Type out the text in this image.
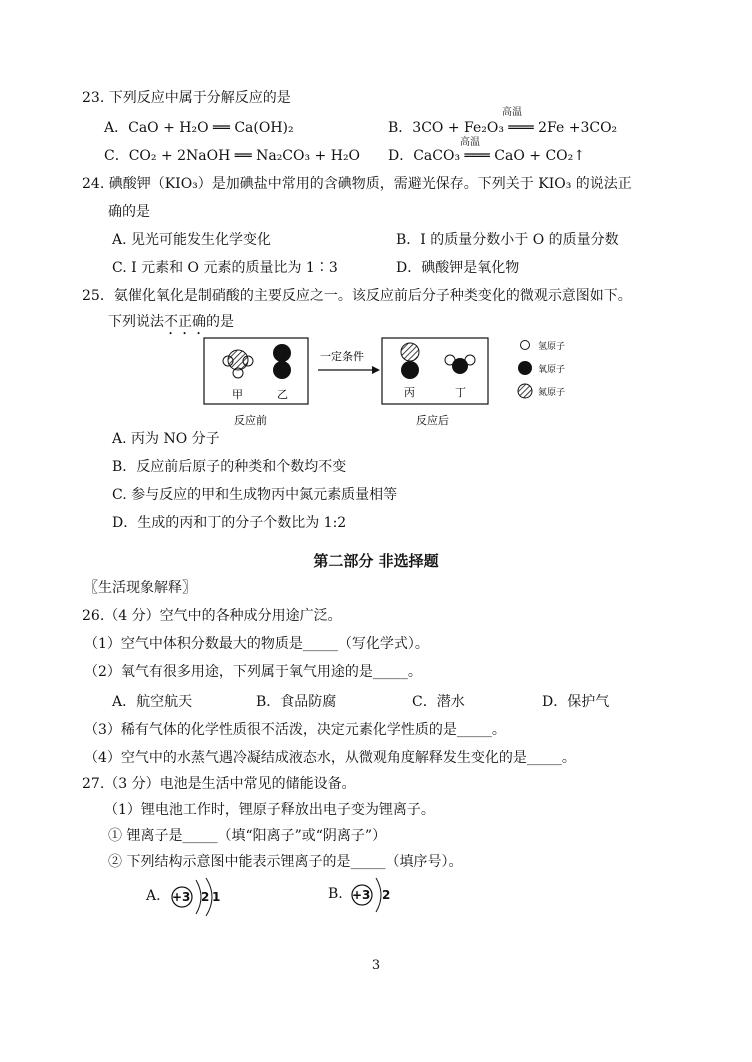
23. 下列反应中属于分解反应的是
A．CaO + H₂O ══ Ca(OH)₂
高温
B．3CO + Fe₂O₃ ═══ 2Fe +3CO₂
C．CO₂ + 2NaOH ══ Na₂CO₃ + H₂O
高温
D．CaCO₃ ═══ CaO + CO₂↑
24. 碘酸钾（KIO₃）是加碘盐中常用的含碘物质，需避光保存。下列关于 KIO₃ 的说法正
确的是
A. 见光可能发生化学变化	B．I 的质量分数小于 O 的质量分数
C. I 元素和 O 元素的质量比为 1∶3	D．碘酸钾是氧化物
25．氨催化氧化是制硝酸的主要反应之一。该反应前后分子种类变化的微观示意图如下。
下列说法不正确的是
甲	乙
一定条件
丙	丁
反应前	反应后
氢原子
氧原子
氮原子
A. 丙为 NO 分子
B．反应前后原子的种类和个数均不变
C. 参与反应的甲和生成物丙中氮元素质量相等
D．生成的丙和丁的分子个数比为 1:2
第二部分 非选择题
〖生活现象解释〗
26.（4 分）空气中的各种成分用途广泛。
（1）空气中体积分数最大的物质是_____（写化学式）。
（2）氧气有很多用途，下列属于氧气用途的是_____。
A．航空航天	B．食品防腐	C．潜水	D．保护气
（3）稀有气体的化学性质很不活泼，决定元素化学性质的是_____。
（4）空气中的水蒸气遇冷凝结成液态水，从微观角度解释发生变化的是_____。
27.（3 分）电池是生活中常见的储能设备。
（1）锂电池工作时，锂原子释放出电子变为锂离子。
① 锂离子是_____（填“阳离子”或“阴离子”）
② 下列结构示意图中能表示锂离子的是_____（填序号）。
A. +3 2 1	B. +3 2
3
